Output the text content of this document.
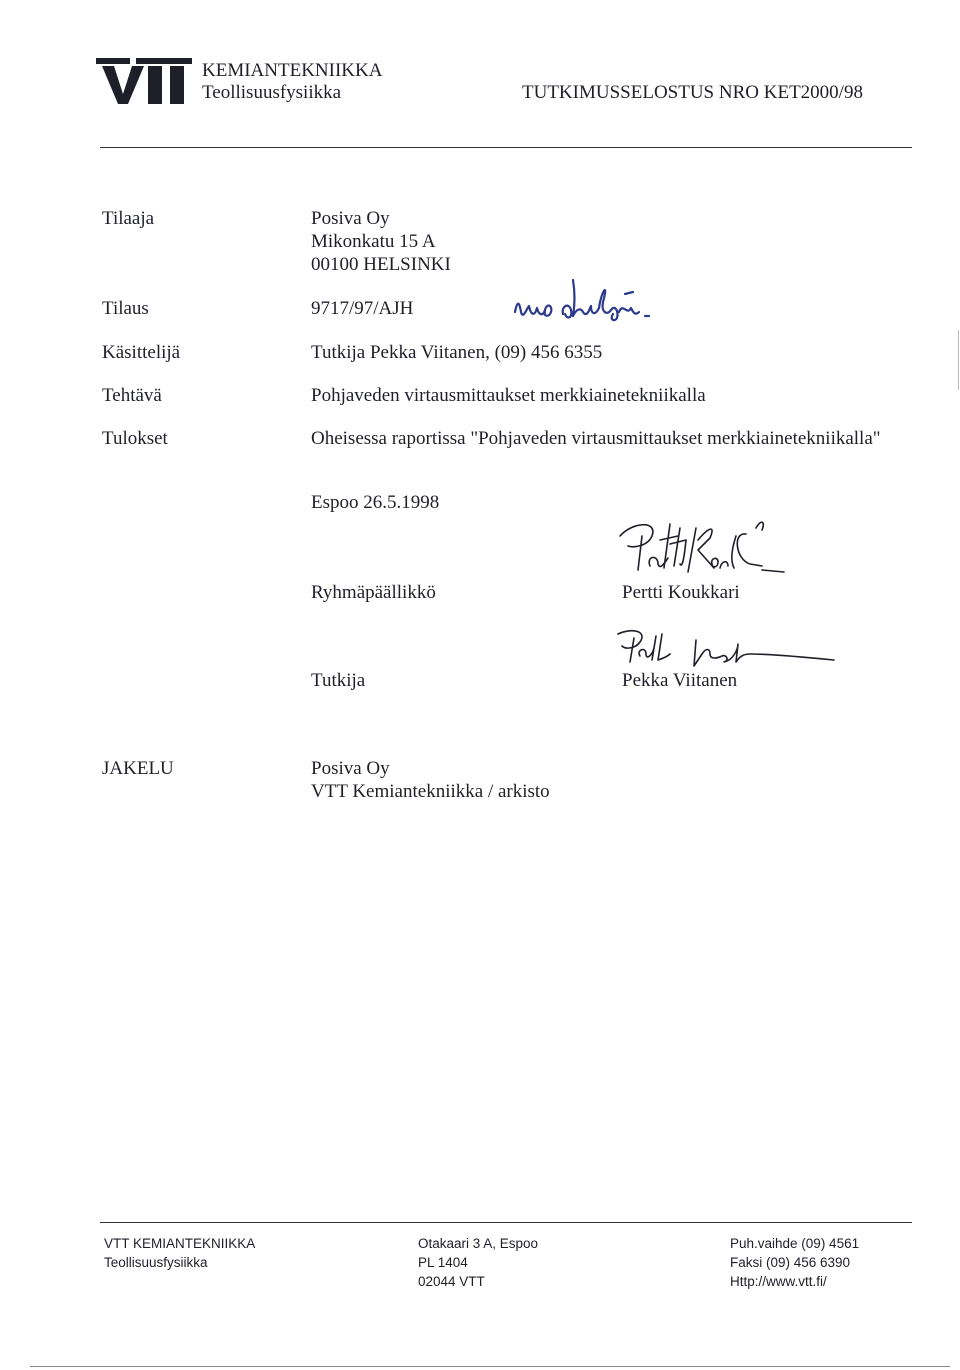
KEMIANTEKNIIKKA
Teollisuusfysiikka	TUTKIMUSSELOSTUS NRO KET2000/98
Tilaaja	Posiva Oy
Mikonkatu 15 A
00100 HELSINKI
Tilaus	9717/97/AJH
Käsittelijä	Tutkija Pekka Viitanen, (09) 456 6355
Tehtävä	Pohjaveden virtausmittaukset merkkiainetekniikalla
Tulokset	Oheisessa raportissa "Pohjaveden virtausmittaukset merkkiainetekniikalla"
Espoo 26.5.1998
Ryhmäpäällikkö	Pertti Koukkari
Tutkija	Pekka Viitanen
JAKELU	Posiva Oy
VTT Kemiantekniikka / arkisto
VTT KEMIANTEKNIIKKA
Teollisuusfysiikka
Otakaari 3 A, Espoo
PL 1404
02044 VTT
Puh.vaihde (09) 4561
Faksi (09) 456 6390
Http://www.vtt.fi/
